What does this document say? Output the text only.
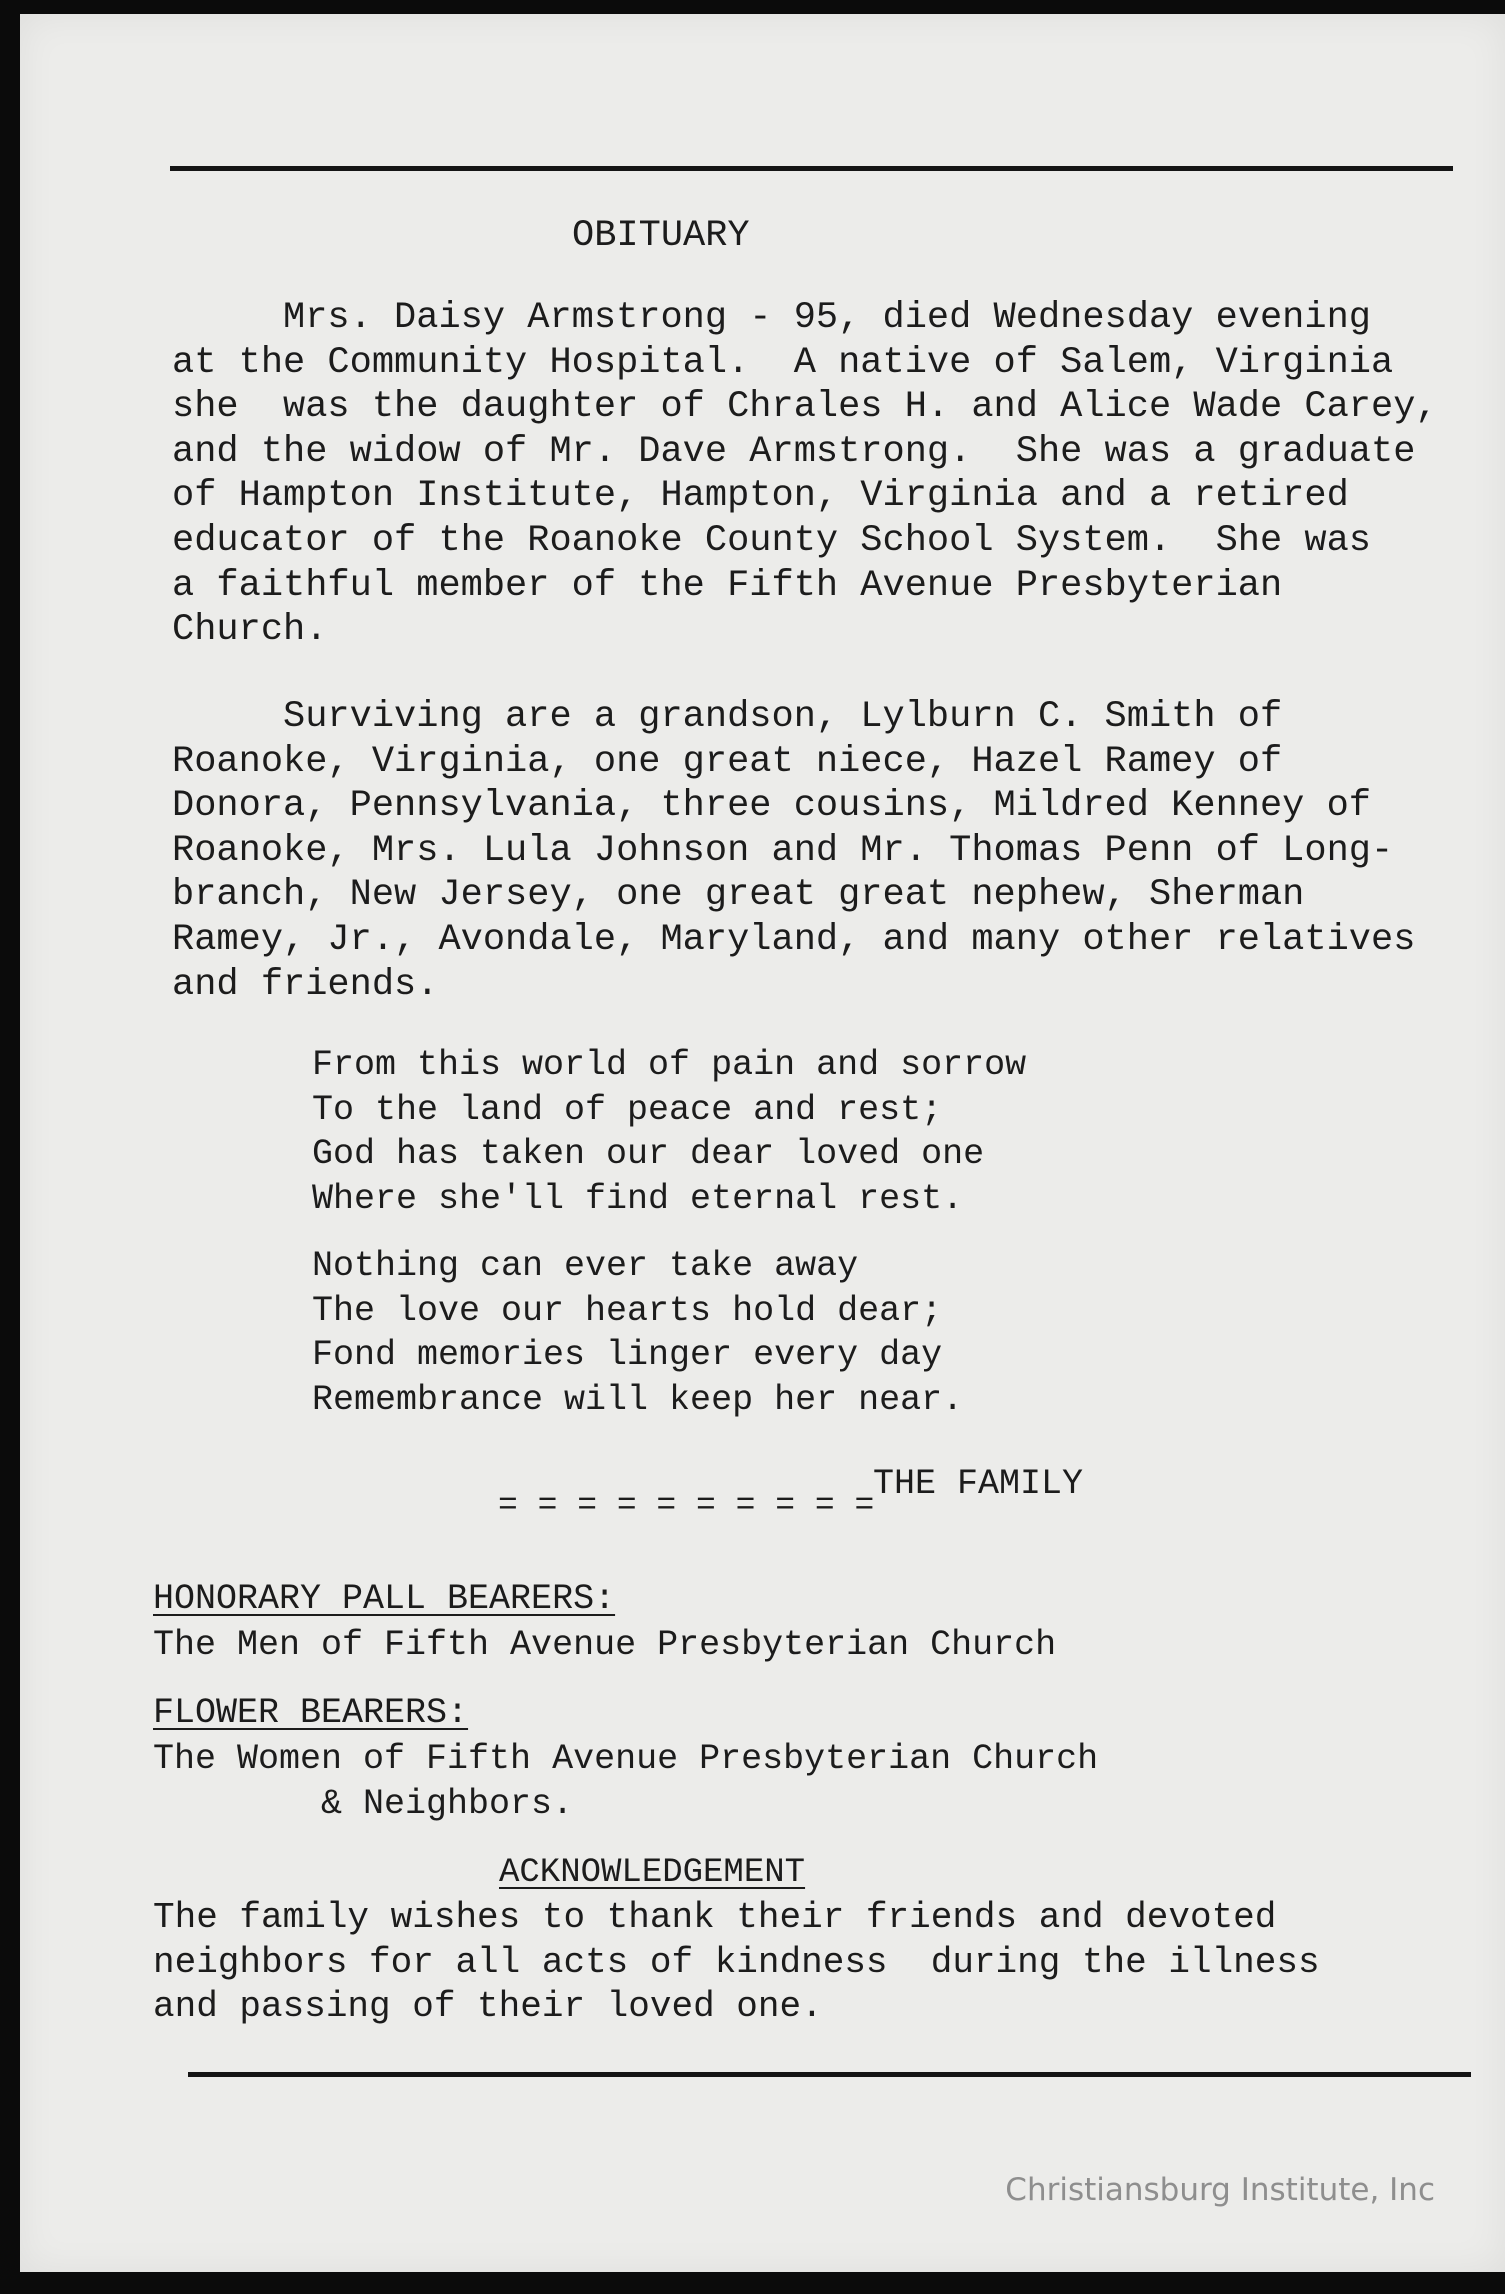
OBITUARY
Mrs. Daisy Armstrong - 95, died Wednesday evening
at the Community Hospital.  A native of Salem, Virginia
she  was the daughter of Chrales H. and Alice Wade Carey,
and the widow of Mr. Dave Armstrong.  She was a graduate
of Hampton Institute, Hampton, Virginia and a retired
educator of the Roanoke County School System.  She was
a faithful member of the Fifth Avenue Presbyterian
Church.
Surviving are a grandson, Lylburn C. Smith of
Roanoke, Virginia, one great niece, Hazel Ramey of
Donora, Pennsylvania, three cousins, Mildred Kenney of
Roanoke, Mrs. Lula Johnson and Mr. Thomas Penn of Long-
branch, New Jersey, one great great nephew, Sherman
Ramey, Jr., Avondale, Maryland, and many other relatives
and friends.
From this world of pain and sorrow
To the land of peace and rest;
God has taken our dear loved one
Where she'll find eternal rest.
Nothing can ever take away
The love our hearts hold dear;
Fond memories linger every day
Remembrance will keep her near.
= = = = = = = = = =
THE FAMILY
HONORARY PALL BEARERS:
The Men of Fifth Avenue Presbyterian Church
FLOWER BEARERS:
The Women of Fifth Avenue Presbyterian Church
& Neighbors.
ACKNOWLEDGEMENT
The family wishes to thank their friends and devoted
neighbors for all acts of kindness  during the illness
and passing of their loved one.
Christiansburg Institute, Inc
